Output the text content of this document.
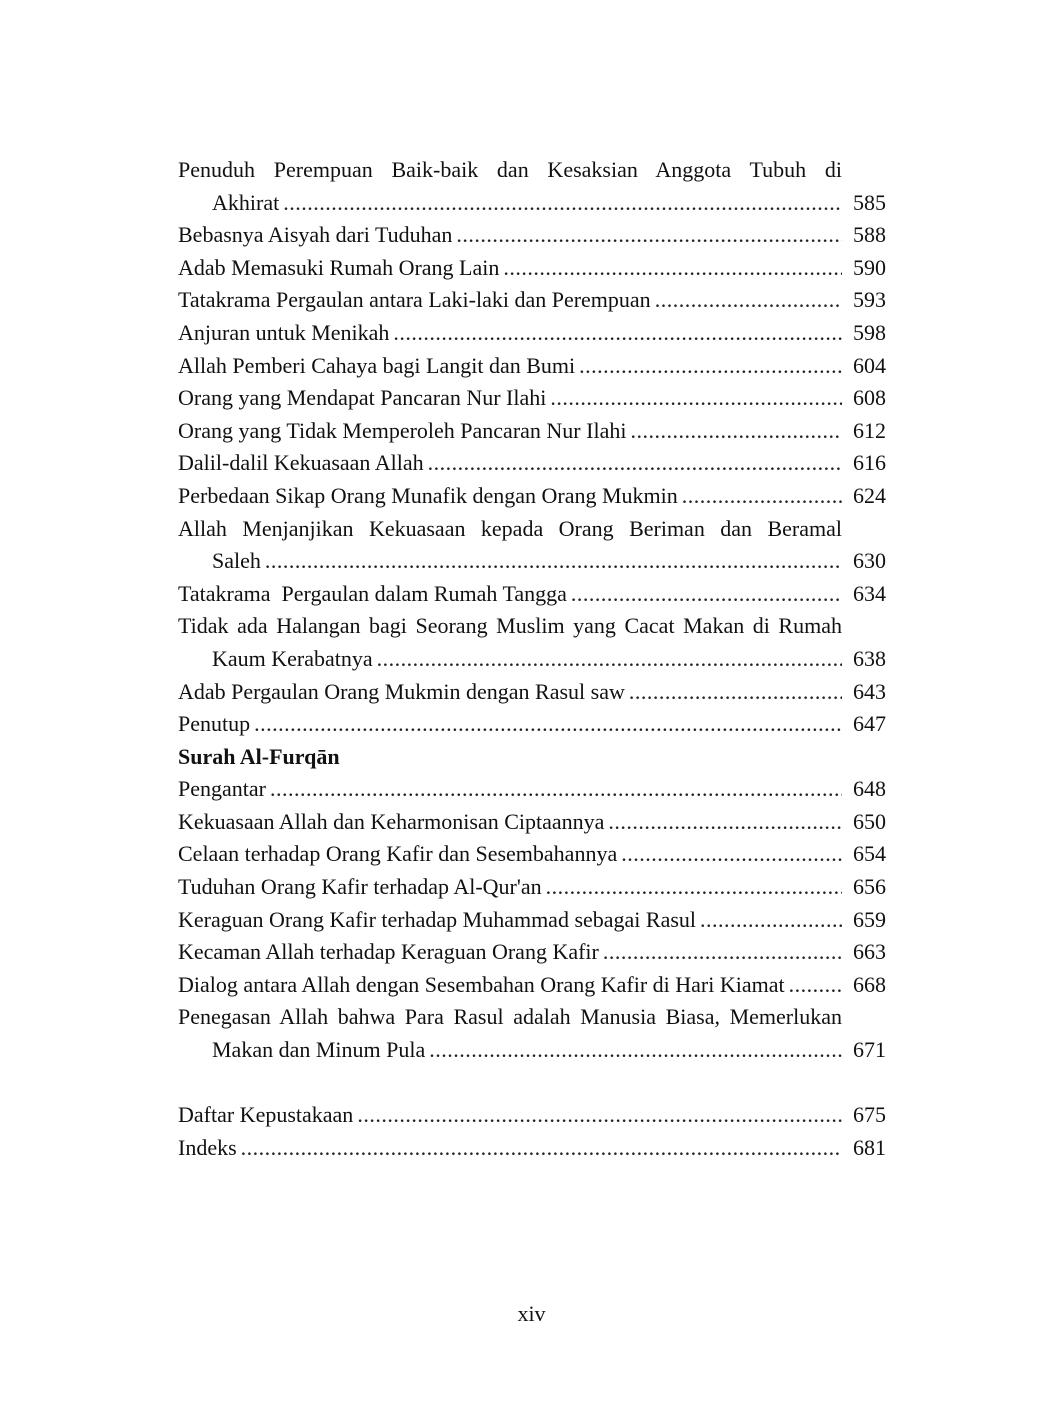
Penuduh Perempuan Baik-baik dan Kesaksian Anggota Tubuh di
Akhirat .....	585
Bebasnya Aisyah dari Tuduhan .....	588
Adab Memasuki Rumah Orang Lain .....	590
Tatakrama Pergaulan antara Laki-laki dan Perempuan .....	593
Anjuran untuk Menikah .....	598
Allah Pemberi Cahaya bagi Langit dan Bumi .....	604
Orang yang Mendapat Pancaran Nur Ilahi .....	608
Orang yang Tidak Memperoleh Pancaran Nur Ilahi .....	612
Dalil-dalil Kekuasaan Allah .....	616
Perbedaan Sikap Orang Munafik dengan Orang Mukmin .....	624
Allah Menjanjikan Kekuasaan kepada Orang Beriman dan Beramal
Saleh .....	630
Tatakrama  Pergaulan dalam Rumah Tangga .....	634
Tidak ada Halangan bagi Seorang Muslim yang Cacat Makan di Rumah
Kaum Kerabatnya .....	638
Adab Pergaulan Orang Mukmin dengan Rasul saw .....	643
Penutup .....	647
Surah Al-Furqān
Pengantar .....	648
Kekuasaan Allah dan Keharmonisan Ciptaannya .....	650
Celaan terhadap Orang Kafir dan Sesembahannya .....	654
Tuduhan Orang Kafir terhadap Al-Qur'an .....	656
Keraguan Orang Kafir terhadap Muhammad sebagai Rasul .....	659
Kecaman Allah terhadap Keraguan Orang Kafir .....	663
Dialog antara Allah dengan Sesembahan Orang Kafir di Hari Kiamat .....	668
Penegasan Allah bahwa Para Rasul adalah Manusia Biasa, Memerlukan
Makan dan Minum Pula .....	671
Daftar Kepustakaan .....	675
Indeks .....	681
xiv
